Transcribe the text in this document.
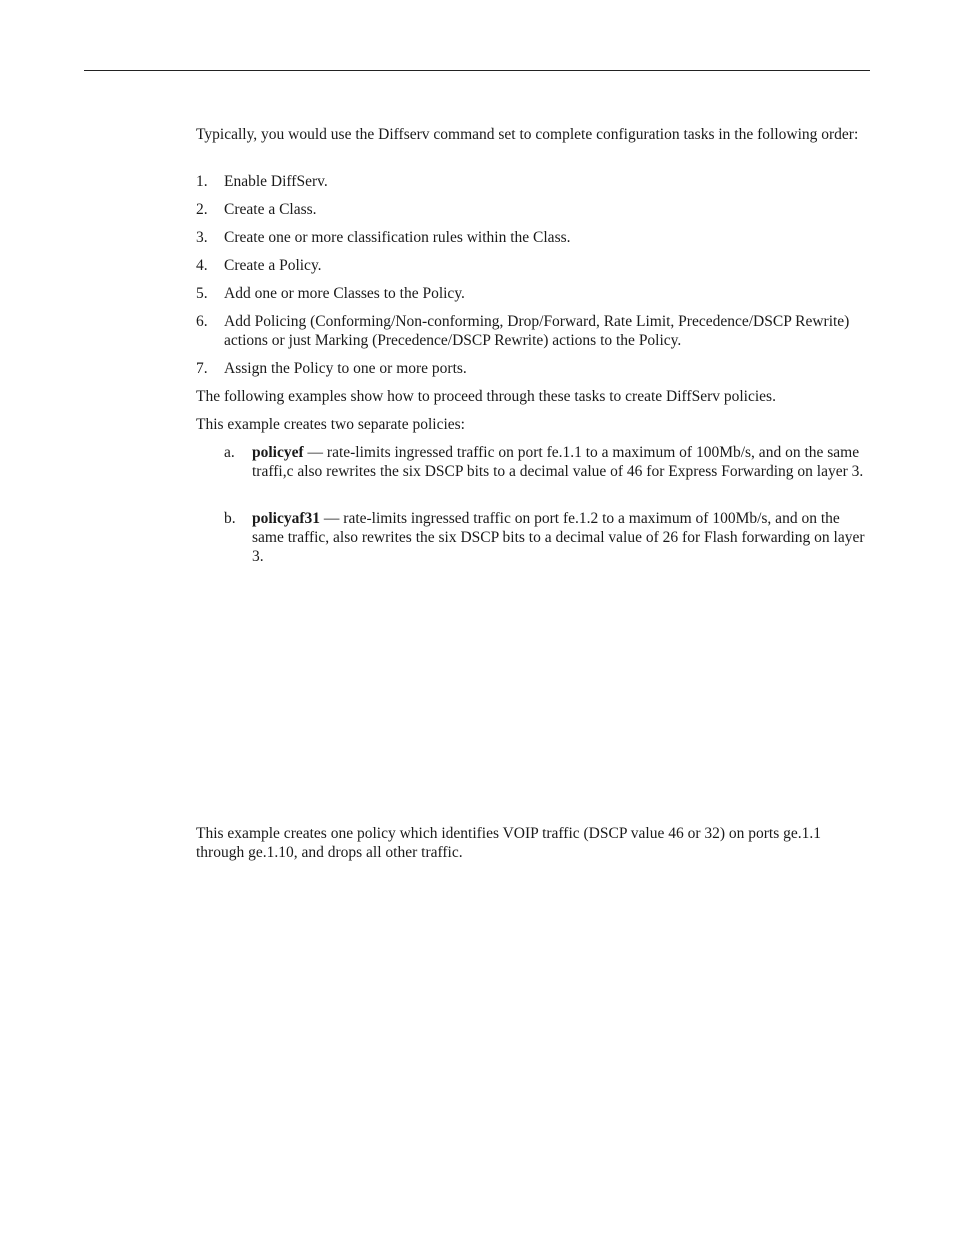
Typically, you would use the Diffserv command set to complete configuration tasks in the following order:

1.	Enable DiffServ.
2.	Create a Class.
3.	Create one or more classification rules within the Class.
4.	Create a Policy.
5.	Add one or more Classes to the Policy.
6.	Add Policing (Conforming/Non-conforming, Drop/Forward, Rate Limit, Precedence/DSCP Rewrite) actions or just Marking (Precedence/DSCP Rewrite) actions to the Policy.
7.	Assign the Policy to one or more ports.

The following examples show how to proceed through these tasks to create DiffServ policies.

This example creates two separate policies:

a.	policyef — rate-limits ingressed traffic on port fe.1.1 to a maximum of 100Mb/s, and on the same traffi,c also rewrites the six DSCP bits to a decimal value of 46 for Express Forwarding on layer 3.
b.	policyaf31 — rate-limits ingressed traffic on port fe.1.2 to a maximum of 100Mb/s, and on the same traffic, also rewrites the six DSCP bits to a decimal value of 26 for Flash forwarding on layer 3.

This example creates one policy which identifies VOIP traffic (DSCP value 46 or 32) on ports ge.1.1 through ge.1.10, and drops all other traffic.
